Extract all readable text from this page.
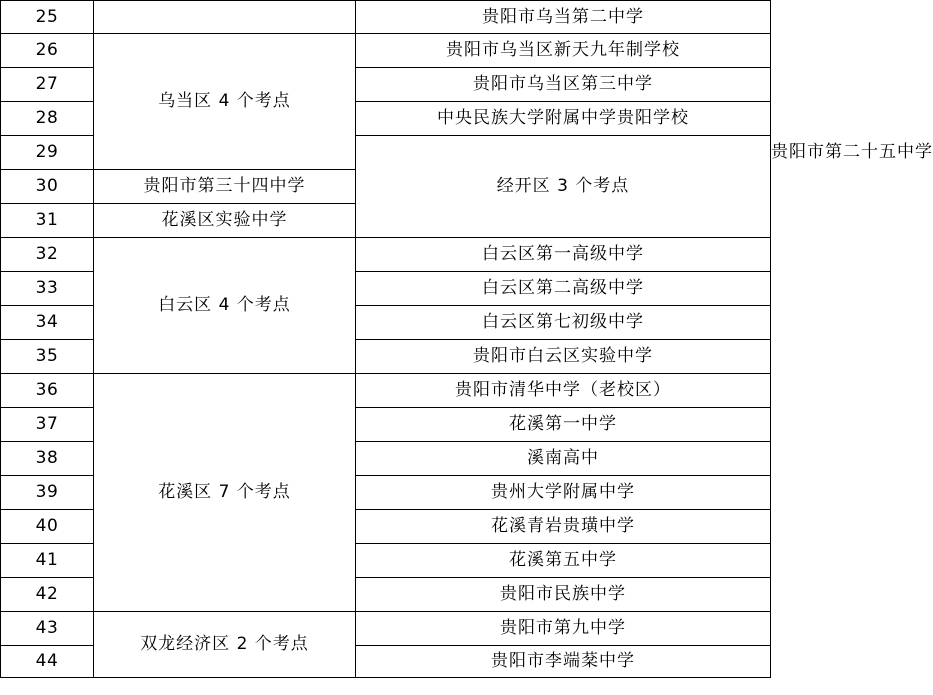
25		贵阳市乌当第二中学	
26	乌当区 4 个考点	贵阳市乌当区新天九年制学校	
27		贵阳市乌当区第三中学	
28		中央民族大学附属中学贵阳学校	
29		经开区 3 个考点	贵阳市第二十五中学
30	贵阳市第三十四中学		
31	花溪区实验中学		
32	白云区 4 个考点	白云区第一高级中学	
33		白云区第二高级中学	
34		白云区第七初级中学	
35		贵阳市白云区实验中学	
36	花溪区 7 个考点	贵阳市清华中学（老校区）	
37		花溪第一中学	
38		溪南高中	
39		贵州大学附属中学	
40		花溪青岩贵璜中学	
41		花溪第五中学	
42		贵阳市民族中学	
43	双龙经济区 2 个考点	贵阳市第九中学	
44		贵阳市李端棻中学	
